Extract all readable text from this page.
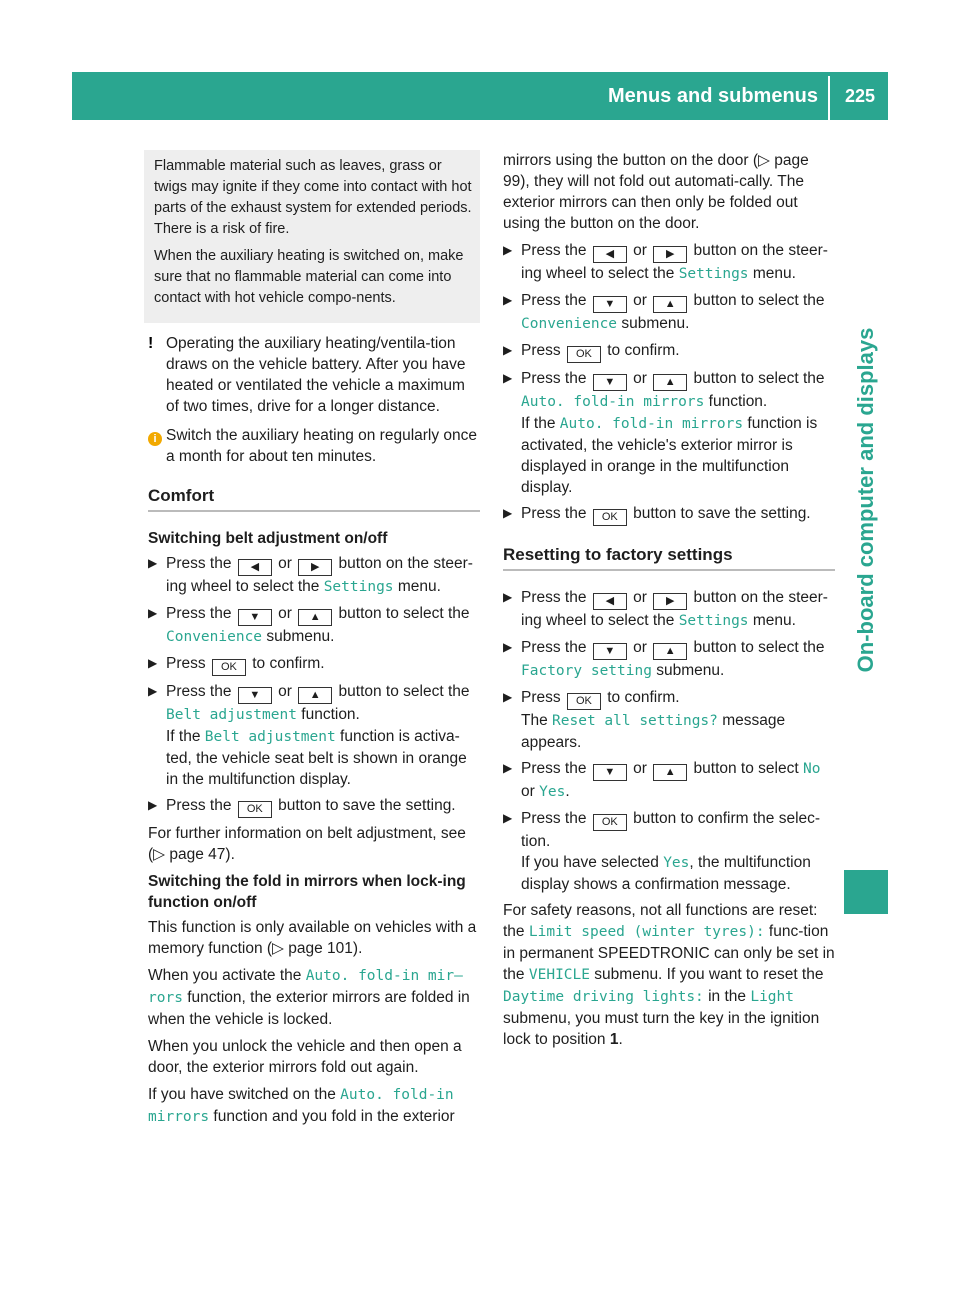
Menus and submenus	225
On-board computer and displays

Flammable material such as leaves, grass or twigs may ignite if they come into contact with hot parts of the exhaust system for extended periods. There is a risk of fire.

When the auxiliary heating is switched on, make sure that no flammable material can come into contact with hot vehicle compo-nents.

! Operating the auxiliary heating/ventila-tion draws on the vehicle battery. After you have heated or ventilated the vehicle a maximum of two times, drive for a longer distance.
i Switch the auxiliary heating on regularly once a month for about ten minutes.
Comfort
Switching belt adjustment on/off
▶ Press the ◀ or ▶ button on the steer-ing wheel to select the Settings menu.
▶ Press the ▼ or ▲ button to select the Convenience submenu.
▶ Press OK to confirm.
▶ Press the ▼ or ▲ button to select the Belt adjustment function.
If the Belt adjustment function is activa-ted, the vehicle seat belt is shown in orange in the multifunction display.
▶ Press the OK button to save the setting.

For further information on belt adjustment, see (▷ page 47).

Switching the fold in mirrors when lock-ing function on/off

This function is only available on vehicles with a memory function (▷ page 101).

When you activate the Auto. fold-in mir– rors function, the exterior mirrors are folded in when the vehicle is locked.

When you unlock the vehicle and then open a door, the exterior mirrors fold out again.

If you have switched on the Auto. fold-in mirrors function and you fold in the exterior

mirrors using the button on the door (▷ page 99), they will not fold out automati-cally. The exterior mirrors can then only be folded out using the button on the door.

▶ Press the ◀ or ▶ button on the steer-ing wheel to select the Settings menu.
▶ Press the ▼ or ▲ button to select the Convenience submenu.
▶ Press OK to confirm.
▶ Press the ▼ or ▲ button to select the Auto. fold-in mirrors function.
If the Auto. fold-in mirrors function is activated, the vehicle's exterior mirror is displayed in orange in the multifunction display.
▶ Press the OK button to save the setting.
Resetting to factory settings
▶ Press the ◀ or ▶ button on the steer-ing wheel to select the Settings menu.
▶ Press the ▼ or ▲ button to select the Factory setting submenu.
▶ Press OK to confirm.
The Reset all settings? message appears.
▶ Press the ▼ or ▲ button to select No or Yes.
▶ Press the OK button to confirm the selec-tion.
If you have selected Yes, the multifunction display shows a confirmation message.

For safety reasons, not all functions are reset: the Limit speed (winter tyres): func-tion in permanent SPEEDTRONIC can only be set in the VEHICLE submenu. If you want to reset the Daytime driving lights: in the Light submenu, you must turn the key in the ignition lock to position 1.
